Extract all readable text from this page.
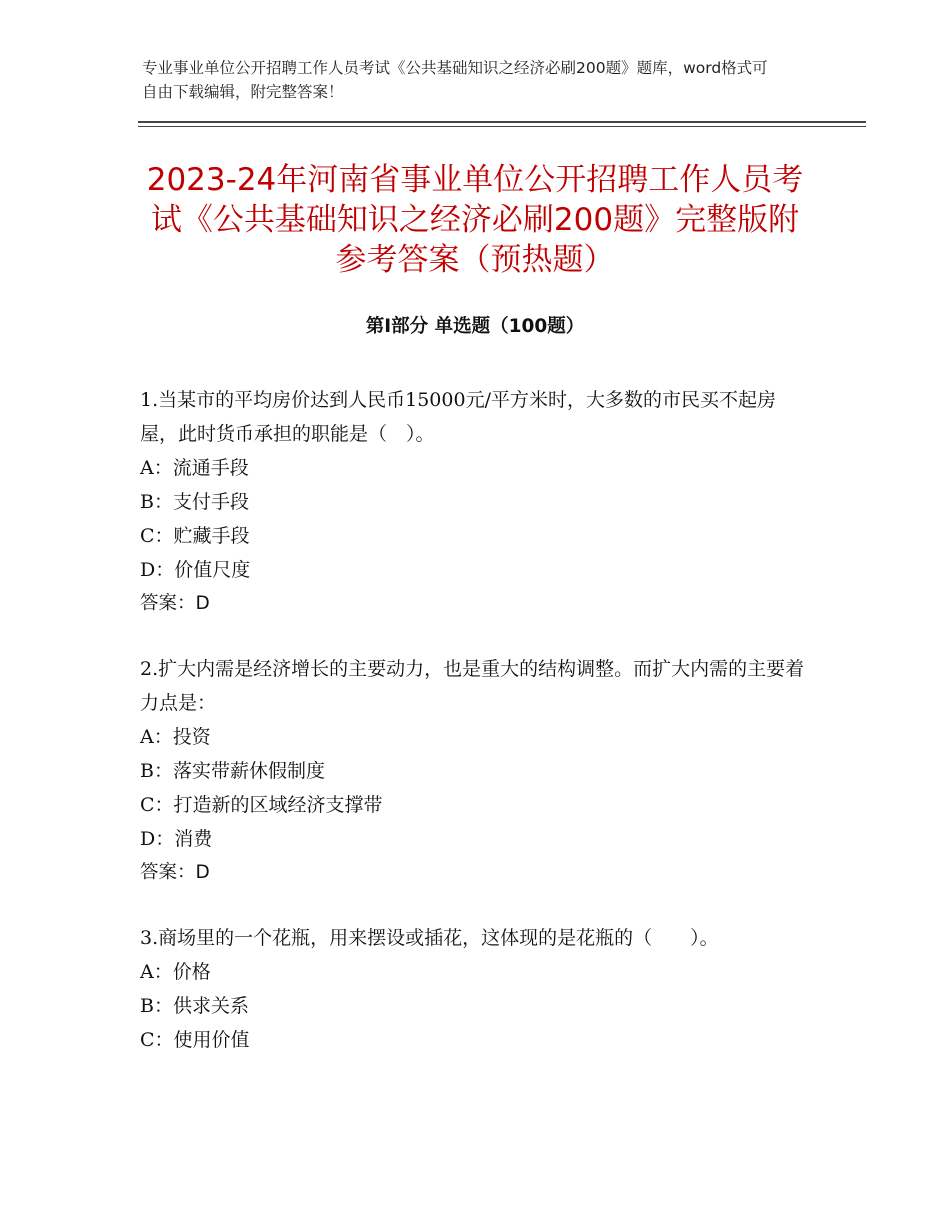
专业事业单位公开招聘工作人员考试《公共基础知识之经济必刷200题》题库，word格式可自由下载编辑，附完整答案！
2023-24年河南省事业单位公开招聘工作人员考试《公共基础知识之经济必刷200题》完整版附参考答案（预热题）
第I部分 单选题（100题）

1.当某市的平均房价达到人民币15000元/平方米时，大多数的市民买不起房屋，此时货币承担的职能是（　）。

A：流通手段

B：支付手段

C：贮藏手段

D：价值尺度

答案：D

2.扩大内需是经济增长的主要动力，也是重大的结构调整。而扩大内需的主要着力点是：

A：投资

B：落实带薪休假制度

C：打造新的区域经济支撑带

D：消费

答案：D

3.商场里的一个花瓶，用来摆设或插花，这体现的是花瓶的（　　）。

A：价格

B：供求关系

C：使用价值
